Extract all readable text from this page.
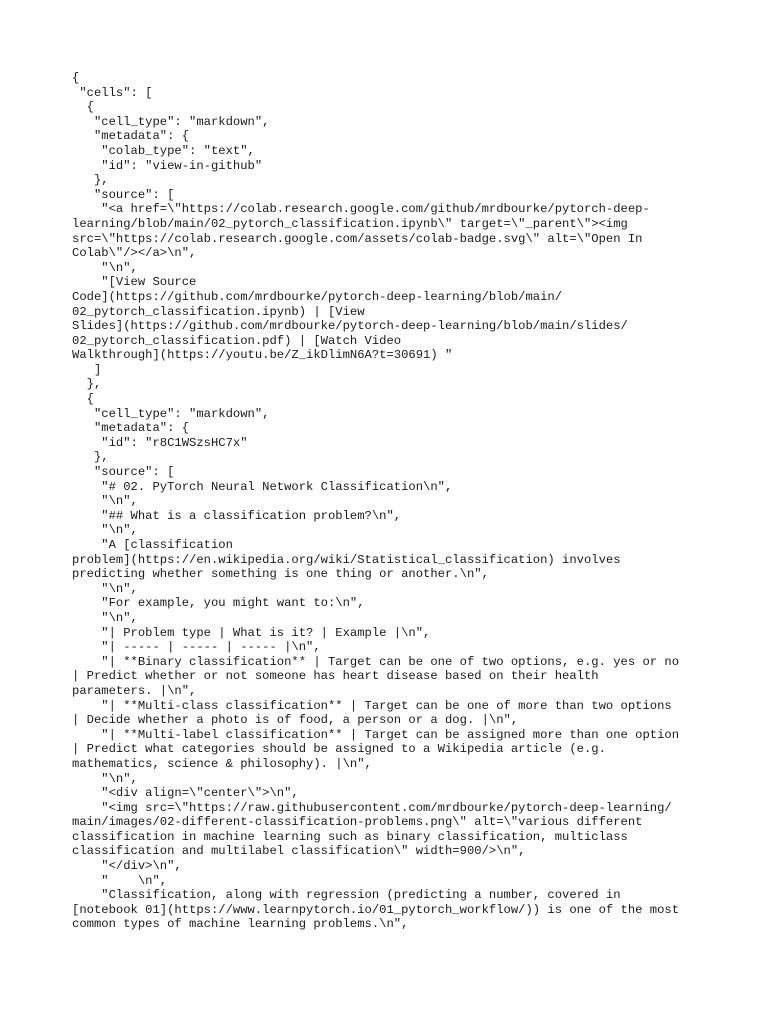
{
"cells": [
{
"cell_type": "markdown",
"metadata": {
"colab_type": "text",
"id": "view-in-github"
},
"source": [
"<a href=\"https://colab.research.google.com/github/mrdbourke/pytorch-deep-
learning/blob/main/02_pytorch_classification.ipynb\" target=\"_parent\"><img
src=\"https://colab.research.google.com/assets/colab-badge.svg\" alt=\"Open In
Colab\"/></a>\n",
"\n",
"[View Source
Code](https://github.com/mrdbourke/pytorch-deep-learning/blob/main/
02_pytorch_classification.ipynb) | [View
Slides](https://github.com/mrdbourke/pytorch-deep-learning/blob/main/slides/
02_pytorch_classification.pdf) | [Watch Video
Walkthrough](https://youtu.be/Z_ikDlimN6A?t=30691) "
]
},
{
"cell_type": "markdown",
"metadata": {
"id": "r8C1WSzsHC7x"
},
"source": [
"# 02. PyTorch Neural Network Classification\n",
"\n",
"## What is a classification problem?\n",
"\n",
"A [classification
problem](https://en.wikipedia.org/wiki/Statistical_classification) involves
predicting whether something is one thing or another.\n",
"\n",
"For example, you might want to:\n",
"\n",
"| Problem type | What is it? | Example |\n",
"| ----- | ----- | ----- |\n",
"| **Binary classification** | Target can be one of two options, e.g. yes or no
| Predict whether or not someone has heart disease based on their health
parameters. |\n",
"| **Multi-class classification** | Target can be one of more than two options
| Decide whether a photo is of food, a person or a dog. |\n",
"| **Multi-label classification** | Target can be assigned more than one option
| Predict what categories should be assigned to a Wikipedia article (e.g.
mathematics, science & philosophy). |\n",
"\n",
"<div align=\"center\">\n",
"<img src=\"https://raw.githubusercontent.com/mrdbourke/pytorch-deep-learning/
main/images/02-different-classification-problems.png\" alt=\"various different
classification in machine learning such as binary classification, multiclass
classification and multilabel classification\" width=900/>\n",
"</div>\n",
"    \n",
"Classification, along with regression (predicting a number, covered in
[notebook 01](https://www.learnpytorch.io/01_pytorch_workflow/)) is one of the most
common types of machine learning problems.\n",
